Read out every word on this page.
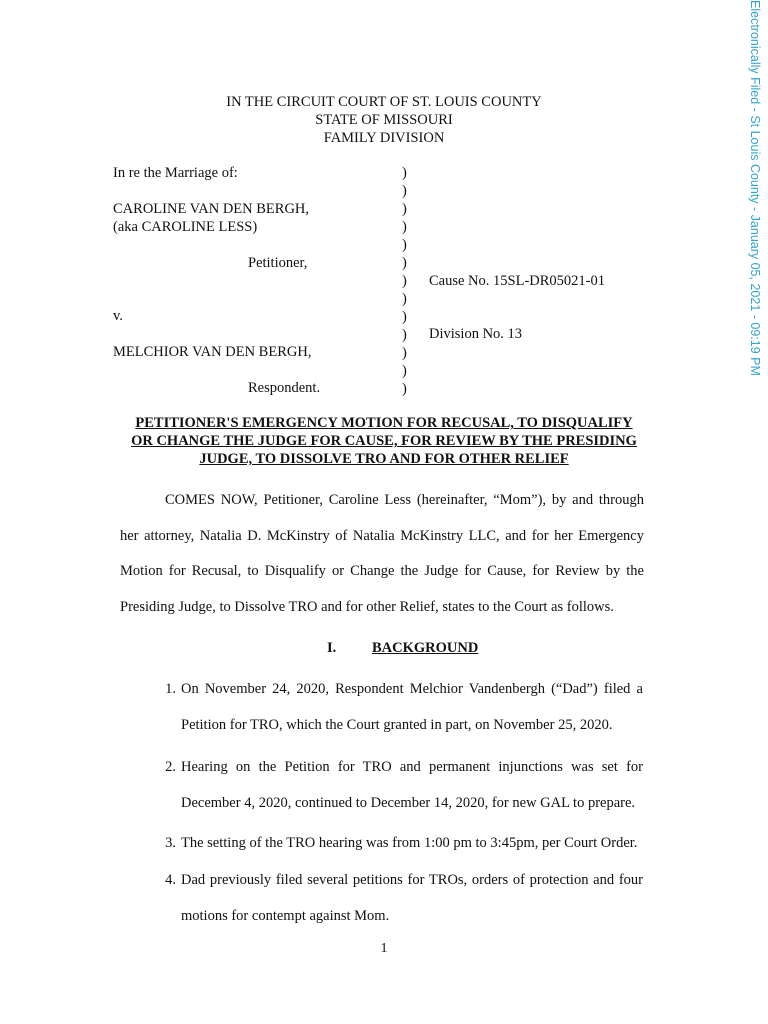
Electronically Filed - St Louis County - January 05, 2021 - 09:19 PM
IN THE CIRCUIT COURT OF ST. LOUIS COUNTY
STATE OF MISSOURI
FAMILY DIVISION
In re the Marriage of:
CAROLINE VAN DEN BERGH,
(aka CAROLINE LESS)
Petitioner,
v.
MELCHIOR VAN DEN BERGH,
Respondent.
)
)
)
)
)
)
)
)
)
)
)
)
)
Cause No. 15SL-DR05021-01
Division No. 13
PETITIONER'S EMERGENCY MOTION FOR RECUSAL, TO DISQUALIFY
OR CHANGE THE JUDGE FOR CAUSE, FOR REVIEW BY THE PRESIDING
JUDGE, TO DISSOLVE TRO AND FOR OTHER RELIEF
COMES NOW, Petitioner, Caroline Less (hereinafter, “Mom”), by and through
her attorney, Natalia D. McKinstry of Natalia McKinstry LLC, and for her Emergency
Motion for Recusal, to Disqualify or Change the Judge for Cause, for Review by the
Presiding Judge, to Dissolve TRO and for other Relief, states to the Court as follows.
I. BACKGROUND
1. On November 24, 2020, Respondent Melchior Vandenbergh (“Dad”) filed a
Petition for TRO, which the Court granted in part, on November 25, 2020.
2. Hearing on the Petition for TRO and permanent injunctions was set for
December 4, 2020, continued to December 14, 2020, for new GAL to prepare.
3. The setting of the TRO hearing was from 1:00 pm to 3:45pm, per Court Order.
4. Dad previously filed several petitions for TROs, orders of protection and four
motions for contempt against Mom.
1
